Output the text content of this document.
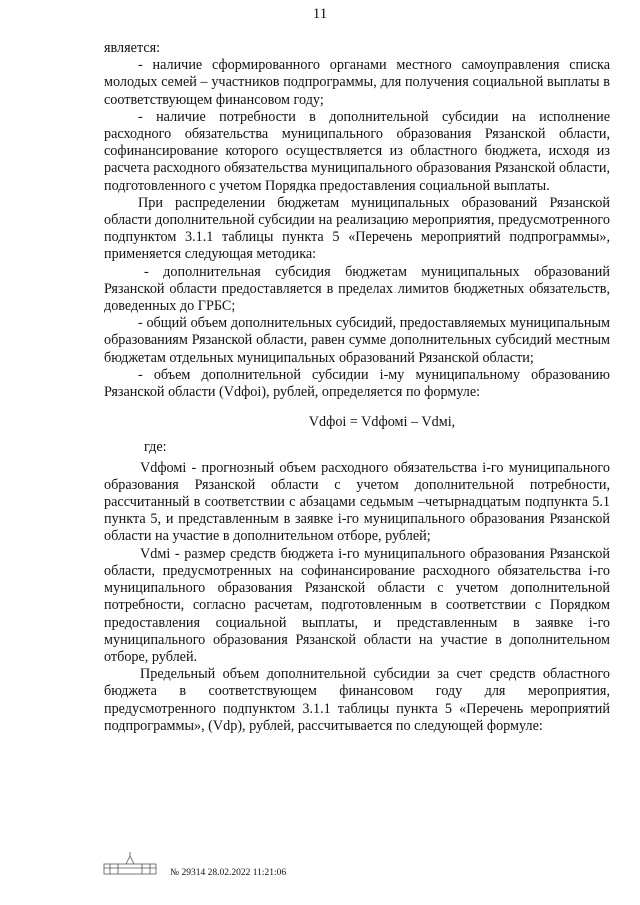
11

является:

- наличие сформированного органами местного самоуправления списка молодых семей – участников подпрограммы, для получения социальной выплаты в соответствующем финансовом году;

- наличие потребности в дополнительной субсидии на исполнение расходного обязательства муниципального образования Рязанской области, софинансирование которого осуществляется из областного бюджета, исходя из расчета расходного обязательства муниципального образования Рязанской области, подготовленного с учетом Порядка предоставления социальной выплаты.

При распределении бюджетам муниципальных образований Рязанской области дополнительной субсидии на реализацию мероприятия, предусмотренного подпунктом 3.1.1 таблицы пункта 5 «Перечень мероприятий подпрограммы», применяется следующая методика:

- дополнительная субсидия бюджетам муниципальных образований Рязанской области предоставляется в пределах лимитов бюджетных обязательств, доведенных до ГРБС;

- общий объем дополнительных субсидий, предоставляемых муниципальным образованиям Рязанской области, равен сумме дополнительных субсидий местным бюджетам отдельных муниципальных образований Рязанской области;

- объем дополнительной субсидии i-му муниципальному образованию Рязанской области (Vdфоi), рублей, определяется по формуле:

Vdфоi = Vdфомi – Vdмi,

где:

Vdфомi - прогнозный объем расходного обязательства i-го муниципального образования Рязанской области с учетом дополнительной потребности, рассчитанный в соответствии с абзацами седьмым –четырнадцатым подпункта 5.1 пункта 5, и представленным в заявке i-го муниципального образования Рязанской области на участие в дополнительном отборе, рублей;

Vdмi - размер средств бюджета i-го муниципального образования Рязанской области, предусмотренных на софинансирование расходного обязательства i-го муниципального образования Рязанской области с учетом дополнительной потребности, согласно расчетам, подготовленным в соответствии с Порядком предоставления социальной выплаты, и представленным в заявке i-го муниципального образования Рязанской области на участие в дополнительном отборе, рублей.

Предельный объем дополнительной субсидии за счет средств областного бюджета в соответствующем финансовом году для мероприятия, предусмотренного подпунктом 3.1.1 таблицы пункта 5 «Перечень мероприятий подпрограммы», (Vdp), рублей, рассчитывается по следующей формуле:

№ 29314 28.02.2022 11:21:06
